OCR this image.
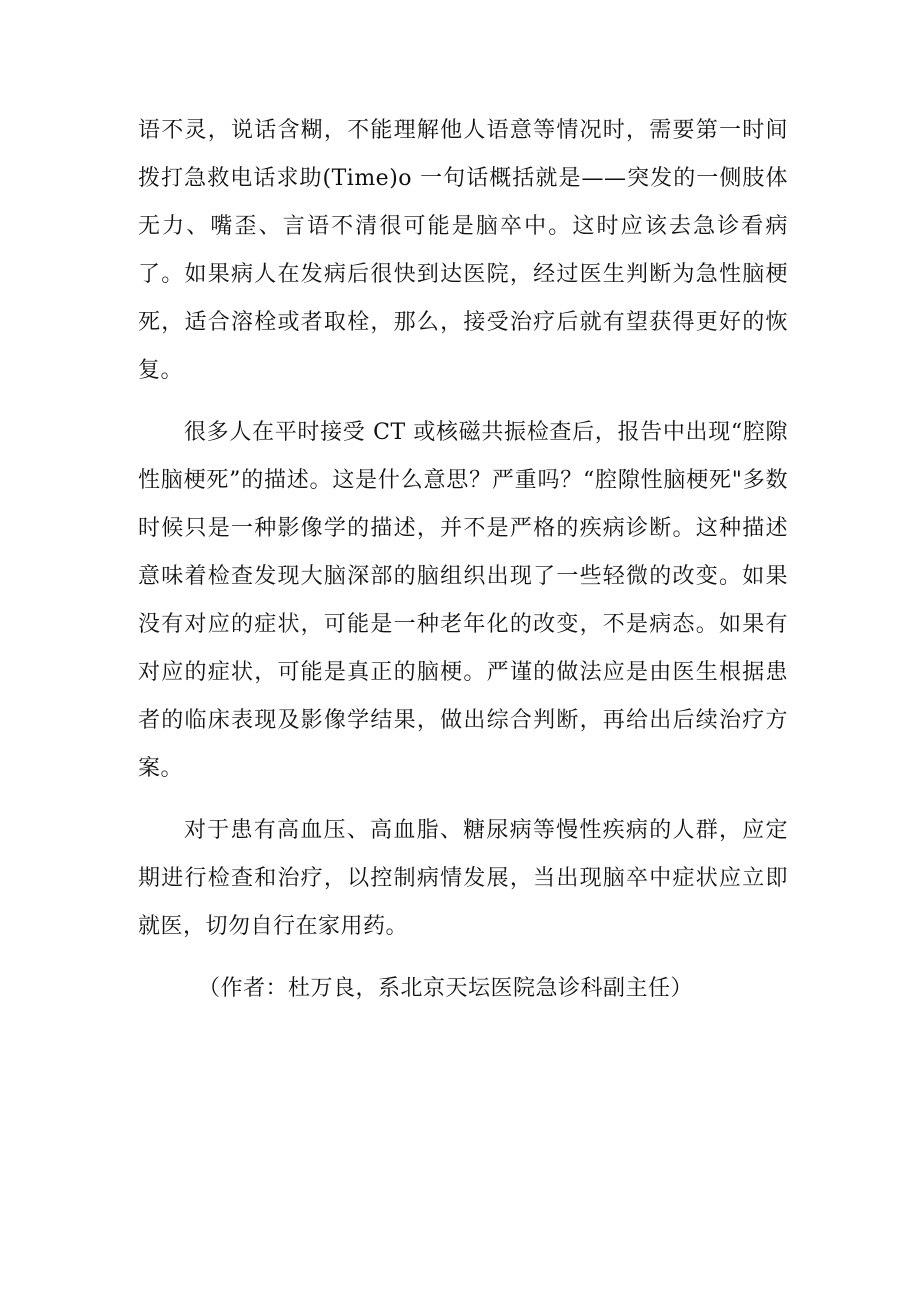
语不灵，说话含糊，不能理解他人语意等情况时，需要第一时间拨打急救电话求助(Time)o 一句话概括就是——突发的一侧肢体无力、嘴歪、言语不清很可能是脑卒中。这时应该去急诊看病了。如果病人在发病后很快到达医院，经过医生判断为急性脑梗死，适合溶栓或者取栓，那么，接受治疗后就有望获得更好的恢复。

很多人在平时接受 CT 或核磁共振检查后，报告中出现“腔隙性脑梗死”的描述。这是什么意思？严重吗？“腔隙性脑梗死"多数时候只是一种影像学的描述，并不是严格的疾病诊断。这种描述意味着检查发现大脑深部的脑组织出现了一些轻微的改变。如果没有对应的症状，可能是一种老年化的改变，不是病态。如果有对应的症状，可能是真正的脑梗。严谨的做法应是由医生根据患者的临床表现及影像学结果，做出综合判断，再给出后续治疗方案。

对于患有高血压、高血脂、糖尿病等慢性疾病的人群，应定期进行检查和治疗，以控制病情发展，当出现脑卒中症状应立即就医，切勿自行在家用药。

（作者：杜万良，系北京天坛医院急诊科副主任）
